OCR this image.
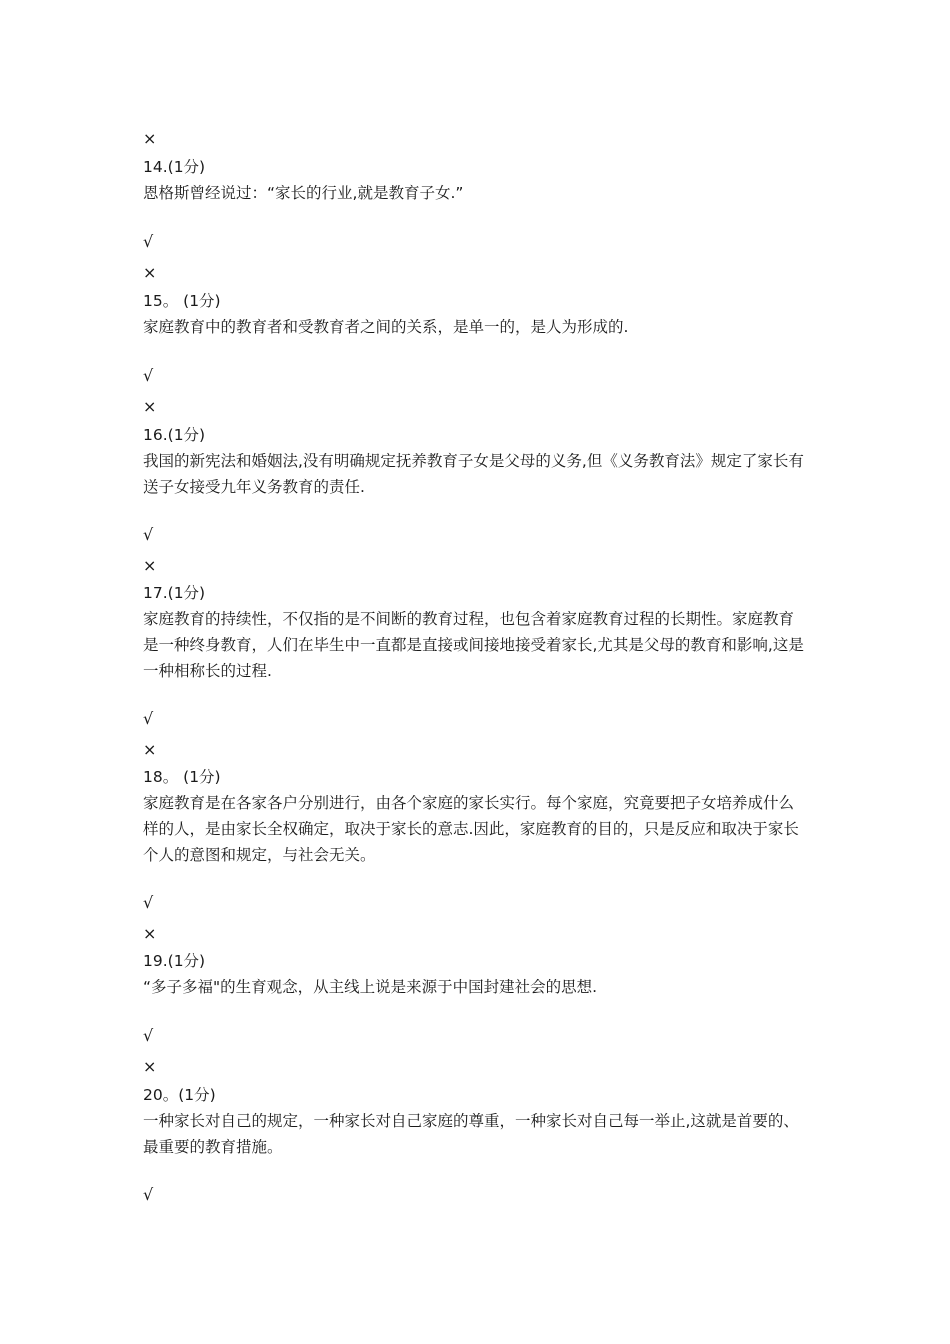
×
14.(1分)
恩格斯曾经说过：“家长的行业,就是教育子女.”
√
×
15。 (1分)
家庭教育中的教育者和受教育者之间的关系，是单一的，是人为形成的.
√
×
16.(1分)
我国的新宪法和婚姻法,没有明确规定抚养教育子女是父母的义务,但《义务教育法》规定了家长有送子女接受九年义务教育的责任.
√
×
17.(1分)
家庭教育的持续性，不仅指的是不间断的教育过程，也包含着家庭教育过程的长期性。家庭教育是一种终身教育，人们在毕生中一直都是直接或间接地接受着家长,尤其是父母的教育和影响,这是一种相称长的过程.
√
×
18。 (1分)
家庭教育是在各家各户分别进行，由各个家庭的家长实行。每个家庭，究竟要把子女培养成什么样的人，是由家长全权确定，取决于家长的意志.因此，家庭教育的目的，只是反应和取决于家长个人的意图和规定，与社会无关。
√
×
19.(1分)
“多子多福"的生育观念，从主线上说是来源于中国封建社会的思想.
√
×
20。(1分)
一种家长对自己的规定，一种家长对自己家庭的尊重，一种家长对自己每一举止,这就是首要的、最重要的教育措施。
√
